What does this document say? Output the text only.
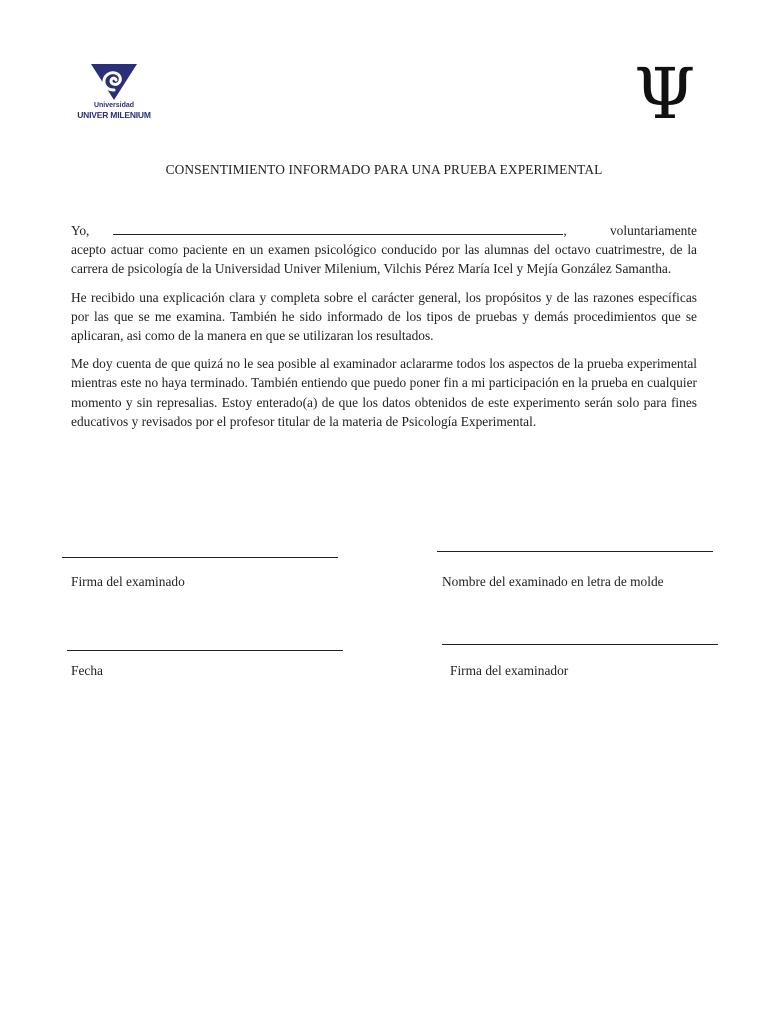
Universidad
UNIVER MILENIUM	Ψ
CONSENTIMIENTO INFORMADO PARA UNA PRUEBA EXPERIMENTAL
Yo,	,	voluntariamente

acepto actuar como paciente en un examen psicológico conducido por las alumnas del octavo cuatrimestre, de la carrera de psicología de la Universidad Univer Milenium, Vilchis Pérez María Icel y Mejía González Samantha.

He recibido una explicación clara y completa sobre el carácter general, los propósitos y de las razones específicas por las que se me examina. También he sido informado de los tipos de pruebas y demás procedimientos que se aplicaran, asi como de la manera en que se utilizaran los resultados.

Me doy cuenta de que quizá no le sea posible al examinador aclararme todos los aspectos de la prueba experimental mientras este no haya terminado. También entiendo que puedo poner fin a mi participación en la prueba en cualquier momento y sin represalias. Estoy enterado(a) de que los datos obtenidos de este experimento serán solo para fines educativos y revisados por el profesor titular de la materia de Psicología Experimental.

Firma del examinado	Nombre del examinado en letra de molde
Fecha	Firma del examinador
